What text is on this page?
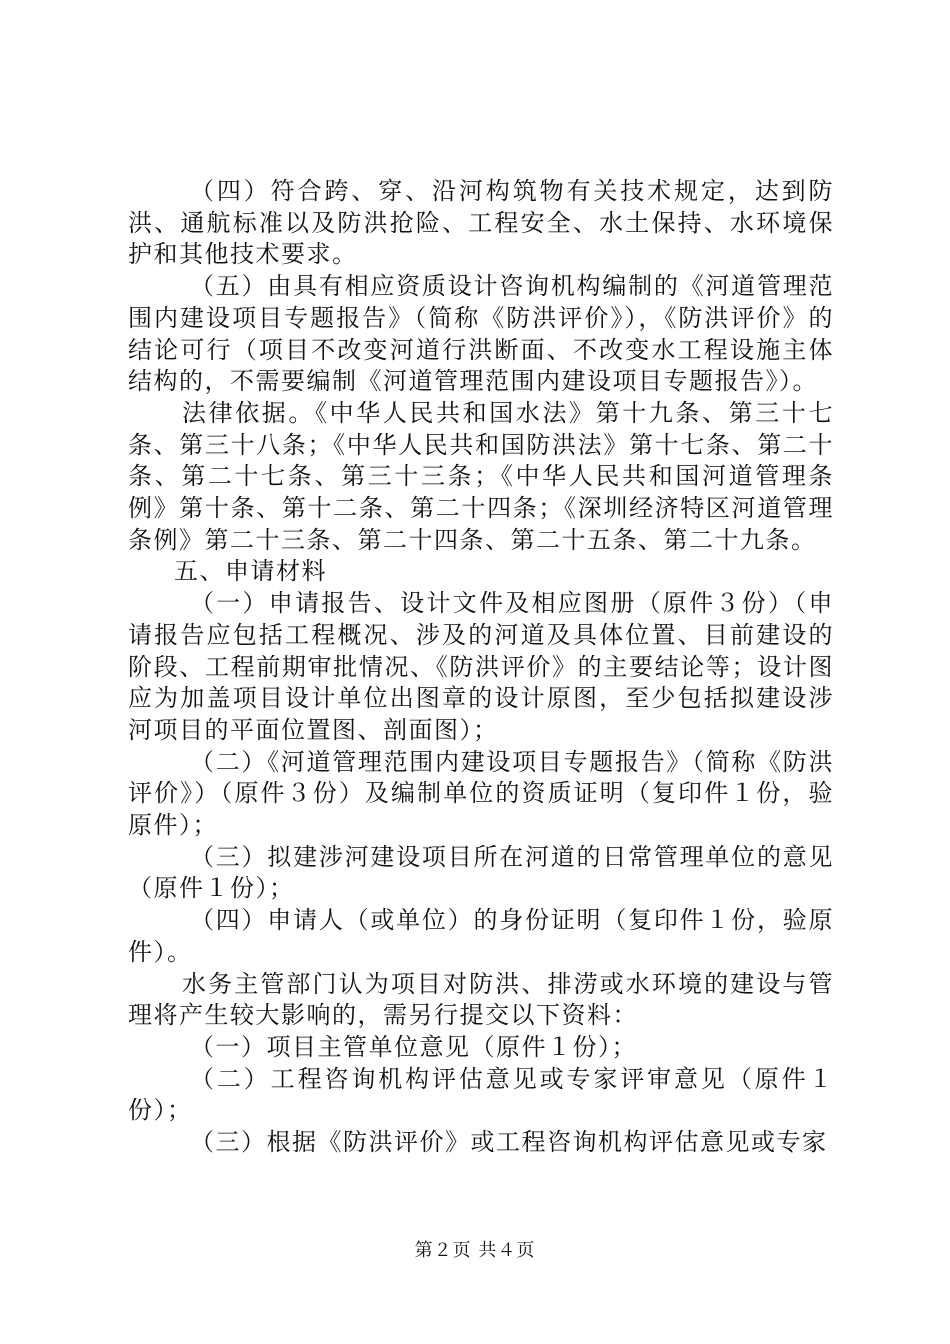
（四）符合跨、穿、沿河构筑物有关技术规定，达到防洪、通航标准以及防洪抢险、工程安全、水土保持、水环境保护和其他技术要求。

（五）由具有相应资质设计咨询机构编制的《河道管理范围内建设项目专题报告》（简称《防洪评价》），《防洪评价》的结论可行（项目不改变河道行洪断面、不改变水工程设施主体结构的，不需要编制《河道管理范围内建设项目专题报告》）。

法律依据。《中华人民共和国水法》第十九条、第三十七条、第三十八条；《中华人民共和国防洪法》第十七条、第二十条、第二十七条、第三十三条；《中华人民共和国河道管理条例》第十条、第十二条、第二十四条；《深圳经济特区河道管理条例》第二十三条、第二十四条、第二十五条、第二十九条。

五、申请材料

（一）申请报告、设计文件及相应图册（原件３份）（申请报告应包括工程概况、涉及的河道及具体位置、目前建设的阶段、工程前期审批情况、《防洪评价》的主要结论等；设计图应为加盖项目设计单位出图章的设计原图，至少包括拟建设涉河项目的平面位置图、剖面图）；

（二）《河道管理范围内建设项目专题报告》（简称《防洪评价》）（原件３份）及编制单位的资质证明（复印件１份，验原件）；

（三）拟建涉河建设项目所在河道的日常管理单位的意见（原件１份）；

（四）申请人（或单位）的身份证明（复印件１份，验原件）。

水务主管部门认为项目对防洪、排涝或水环境的建设与管理将产生较大影响的，需另行提交以下资料：

（一）项目主管单位意见（原件１份）；

（二）工程咨询机构评估意见或专家评审意见（原件１份）；

（三）根据《防洪评价》或工程咨询机构评估意见或专家

第２页 共４页
